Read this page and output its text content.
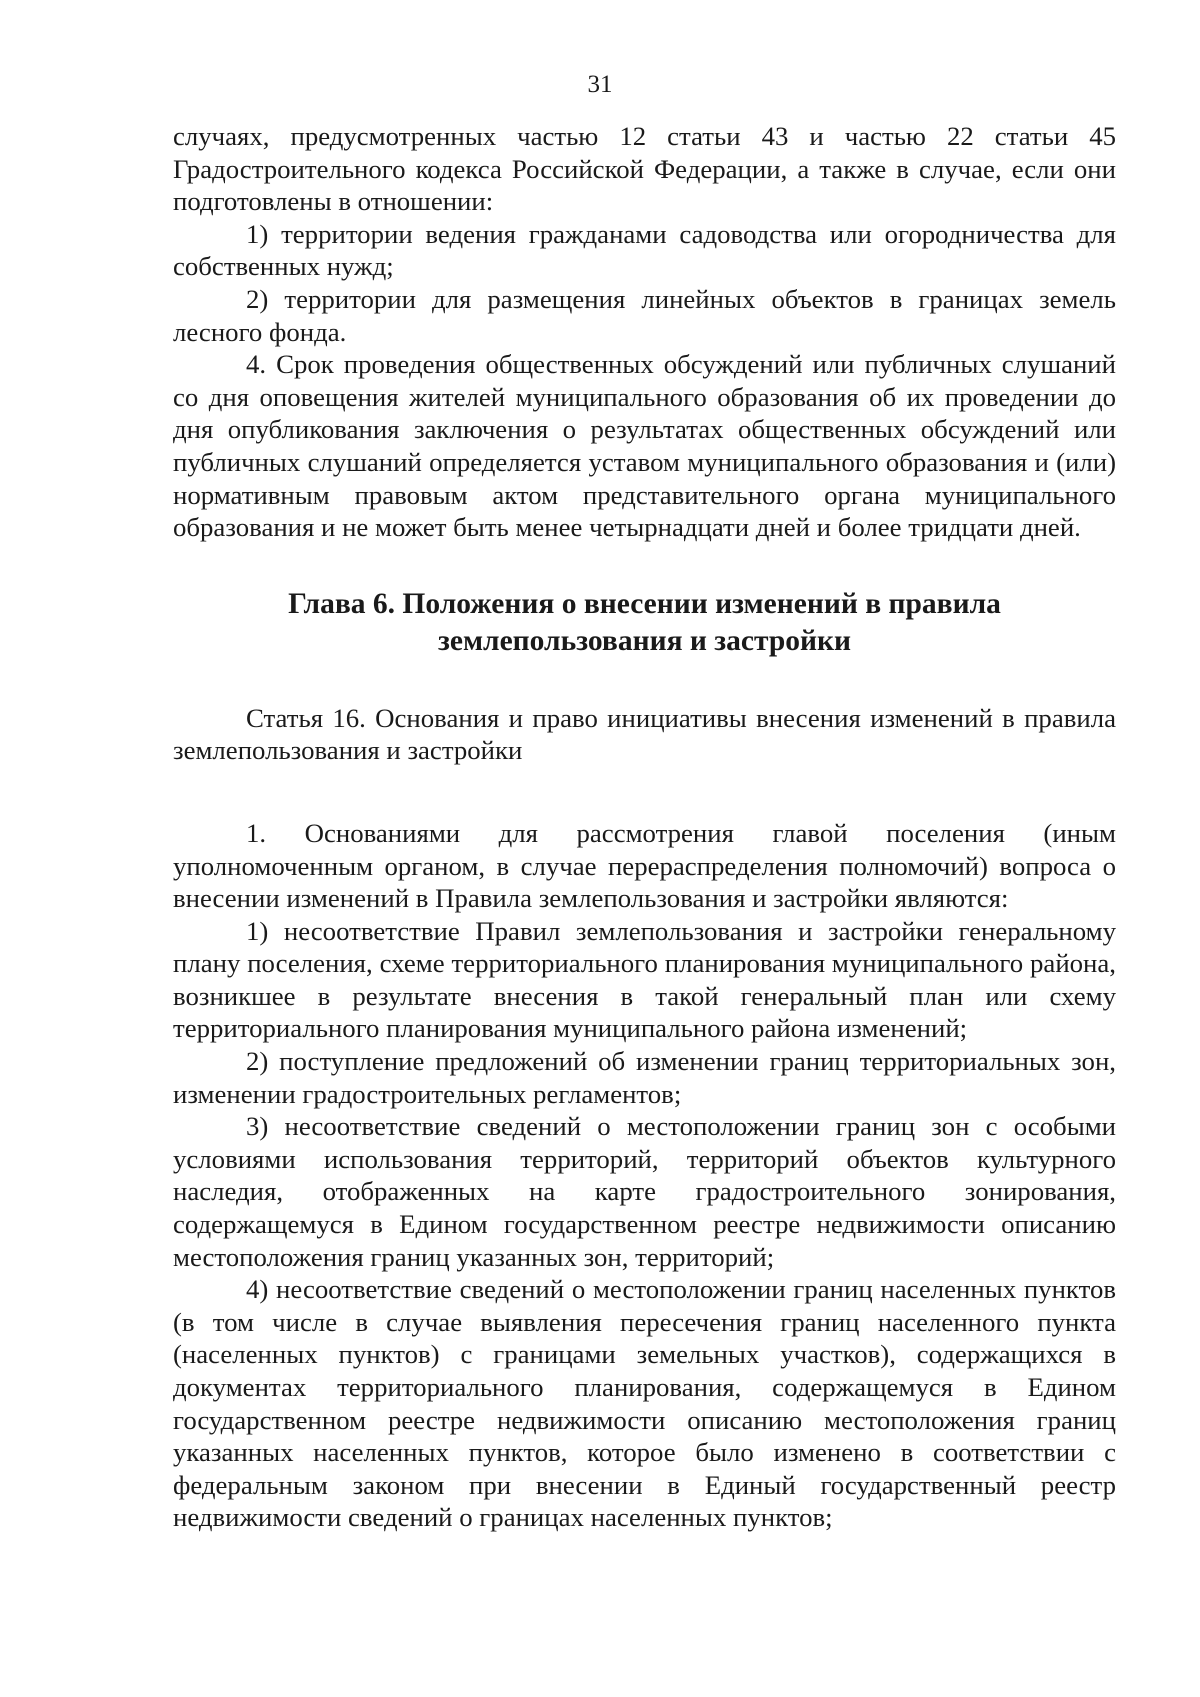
31

случаях, предусмотренных частью 12 статьи 43 и частью 22 статьи 45 Градостроительного кодекса Российской Федерации, а также в случае, если они подготовлены в отношении:

1) территории ведения гражданами садоводства или огородничества для собственных нужд;

2) территории для размещения линейных объектов в границах земель лесного фонда.

4. Срок проведения общественных обсуждений или публичных слушаний со дня оповещения жителей муниципального образования об их проведении до дня опубликования заключения о результатах общественных обсуждений или публичных слушаний определяется уставом муниципального образования и (или) нормативным правовым актом представительного органа муниципального образования и не может быть менее четырнадцати дней и более тридцати дней.

Глава 6. Положения о внесении изменений в правила землепользования и застройки

Статья 16. Основания и право инициативы внесения изменений в правила землепользования и застройки

1. Основаниями для рассмотрения главой поселения (иным уполномоченным органом, в случае перераспределения полномочий) вопроса о внесении изменений в Правила землепользования и застройки являются:

1) несоответствие Правил землепользования и застройки генеральному плану поселения, схеме территориального планирования муниципального района, возникшее в результате внесения в такой генеральный план или схему территориального планирования муниципального района изменений;

2) поступление предложений об изменении границ территориальных зон, изменении градостроительных регламентов;

3) несоответствие сведений о местоположении границ зон с особыми условиями использования территорий, территорий объектов культурного наследия, отображенных на карте градостроительного зонирования, содержащемуся в Едином государственном реестре недвижимости описанию местоположения границ указанных зон, территорий;

4) несоответствие сведений о местоположении границ населенных пунктов (в том числе в случае выявления пересечения границ населенного пункта (населенных пунктов) с границами земельных участков), содержащихся в документах территориального планирования, содержащемуся в Едином государственном реестре недвижимости описанию местоположения границ указанных населенных пунктов, которое было изменено в соответствии с федеральным законом при внесении в Единый государственный реестр недвижимости сведений о границах населенных пунктов;
